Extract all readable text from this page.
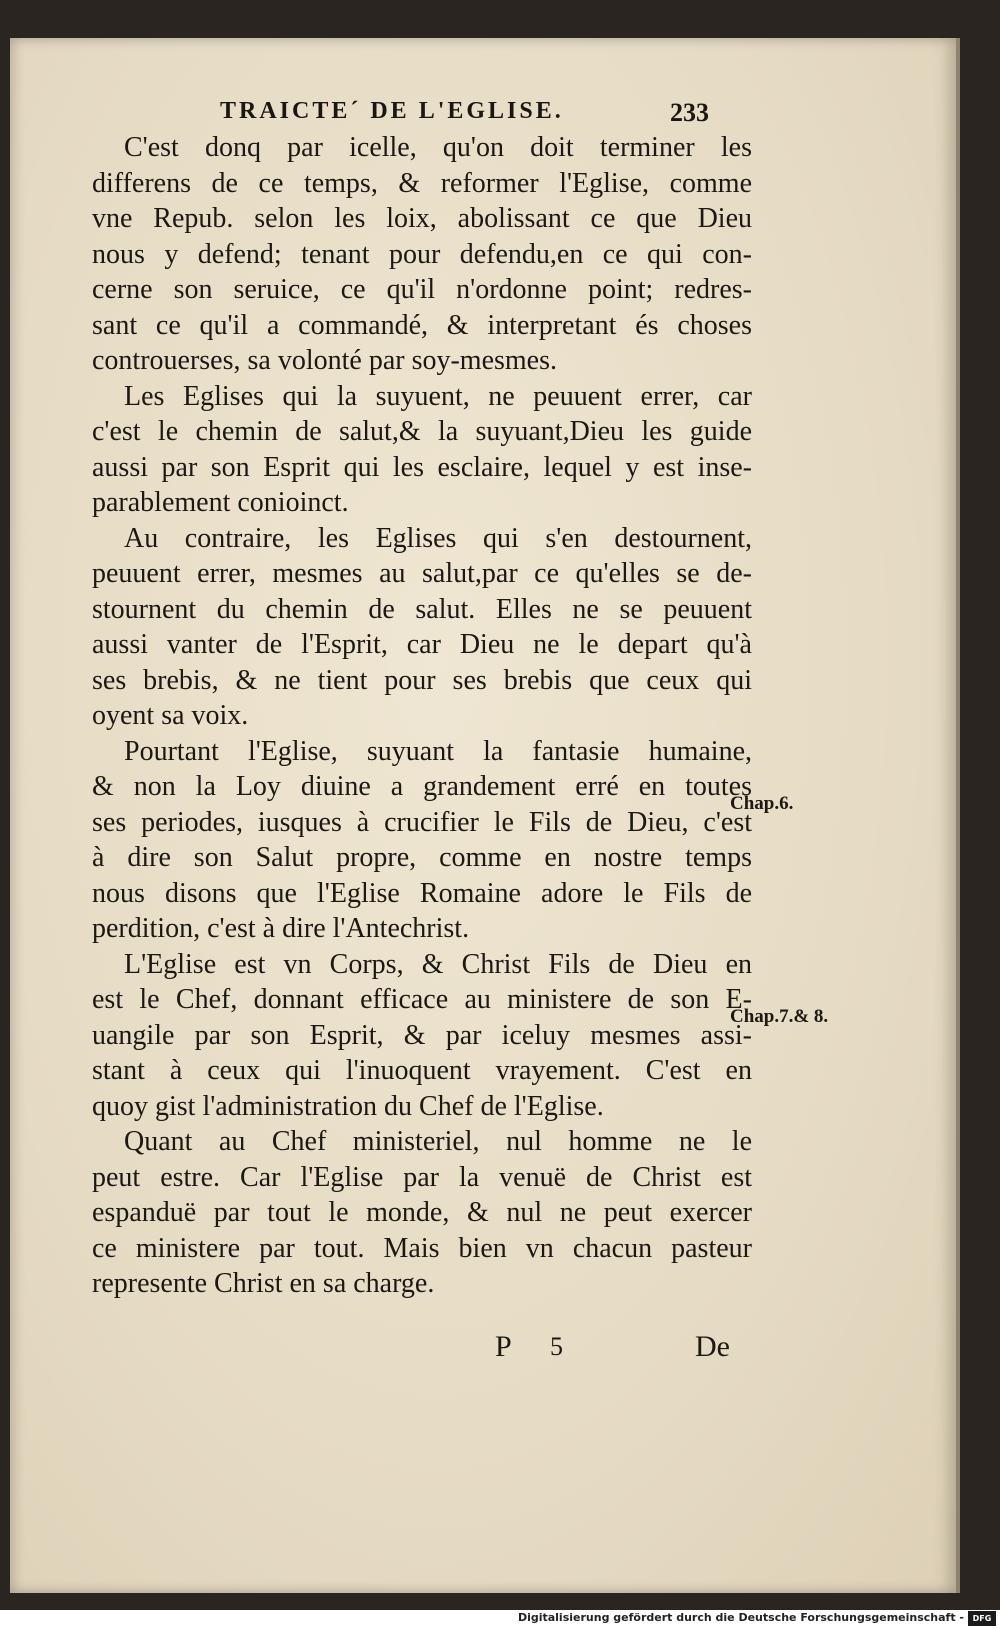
TRAICTE´ DE L'EGLISE.	233
C'est donq par icelle, qu'on doit terminer les
differens de ce temps, & reformer l'Eglise, comme
vne Repub. selon les loix, abolissant ce que Dieu
nous y defend; tenant pour defendu,en ce qui con-
cerne son seruice, ce qu'il n'ordonne point; redres-
sant ce qu'il a commandé, & interpretant és choses
controuerses, sa volonté par soy-mesmes.
Les Eglises qui la suyuent, ne peuuent errer, car
c'est le chemin de salut,& la suyuant,Dieu les guide
aussi par son Esprit qui les esclaire, lequel y est inse-
parablement conioinct.
Au contraire, les Eglises qui s'en destournent,
peuuent errer, mesmes au salut,par ce qu'elles se de-
stournent du chemin de salut. Elles ne se peuuent
aussi vanter de l'Esprit, car Dieu ne le depart qu'à
ses brebis, & ne tient pour ses brebis que ceux qui
oyent sa voix.
Pourtant l'Eglise, suyuant la fantasie humaine,
& non la Loy diuine a grandement erré en toutes
ses periodes, iusques à crucifier le Fils de Dieu, c'est
à dire son Salut propre, comme en nostre temps
nous disons que l'Eglise Romaine adore le Fils de
perdition, c'est à dire l'Antechrist.
L'Eglise est vn Corps, & Christ Fils de Dieu en
est le Chef, donnant efficace au ministere de son E-
uangile par son Esprit, & par iceluy mesmes assi-
stant à ceux qui l'inuoquent vrayement. C'est en
quoy gist l'administration du Chef de l'Eglise.
Quant au Chef ministeriel, nul homme ne le
peut estre. Car l'Eglise par la venuë de Christ est
espanduë par tout le monde, & nul ne peut exercer
ce ministere par tout. Mais bien vn chacun pasteur
represente Christ en sa charge.
Chap.6.
Chap.7.& 8.
P 5	De
Digitalisierung gefördert durch die Deutsche Forschungsgemeinschaft -	DFG
